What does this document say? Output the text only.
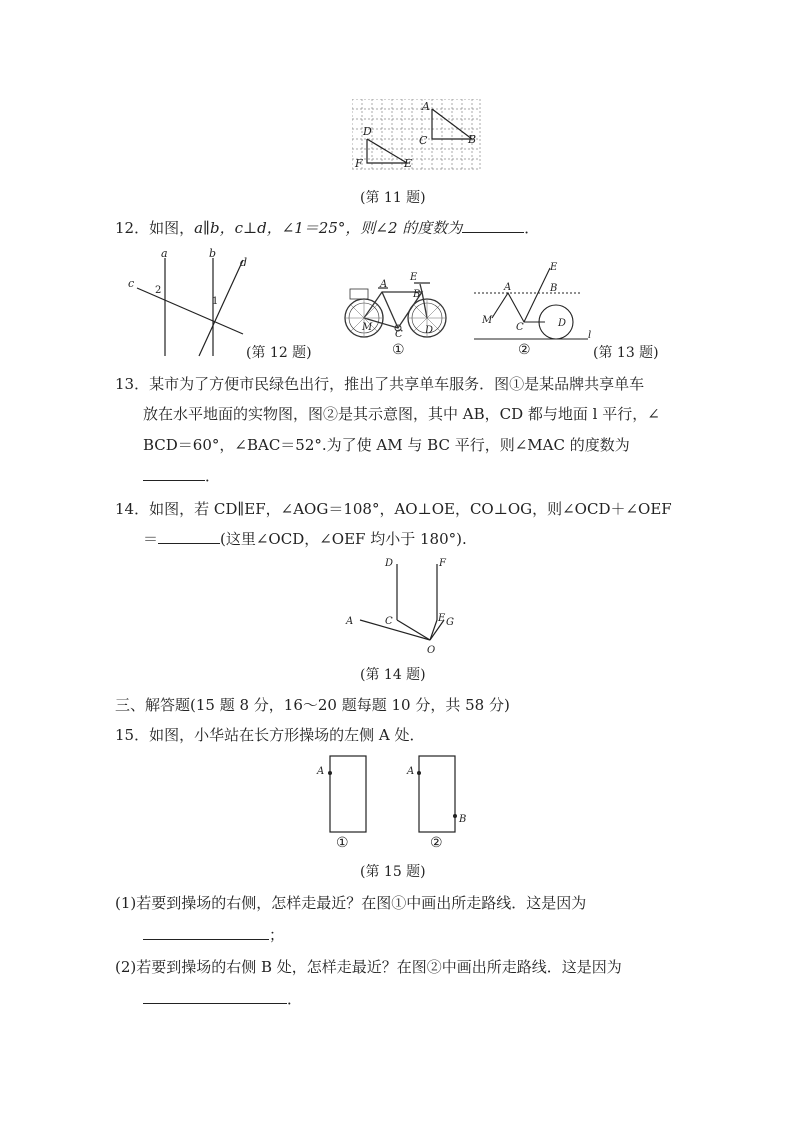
A
B
C
D
E
F
(第 11 题)
12．如图，a∥b，c⊥d，∠1＝25°，则∠2 的度数为	．
a	b
c
d
1
2
(第 12 题)
A
E
B
M
C D
①
A
E
B
M
C	D
l
②	(第 13 题)
13．某市为了方便市民绿色出行，推出了共享单车服务．图①是某品牌共享单车
放在水平地面的实物图，图②是其示意图，其中 AB，CD 都与地面 l 平行，∠
BCD＝60°，∠BAC＝52°.为了使 AM 与 BC 平行，则∠MAC 的度数为
．
14．如图，若 CD∥EF，∠AOG＝108°，AO⊥OE，CO⊥OG，则∠OCD＋∠OEF
＝	(这里∠OCD，∠OEF 均小于 180°).
D	F
A	C	E G
O
(第 14 题)
三、解答题(15 题 8 分，16～20 题每题 10 分，共 58 分)
15．如图，小华站在长方形操场的左侧 A 处．
A	A
B
①	②
(第 15 题)
(1)若要到操场的右侧，怎样走最近？在图①中画出所走路线．这是因为
；
(2)若要到操场的右侧 B 处，怎样走最近？在图②中画出所走路线．这是因为
．
